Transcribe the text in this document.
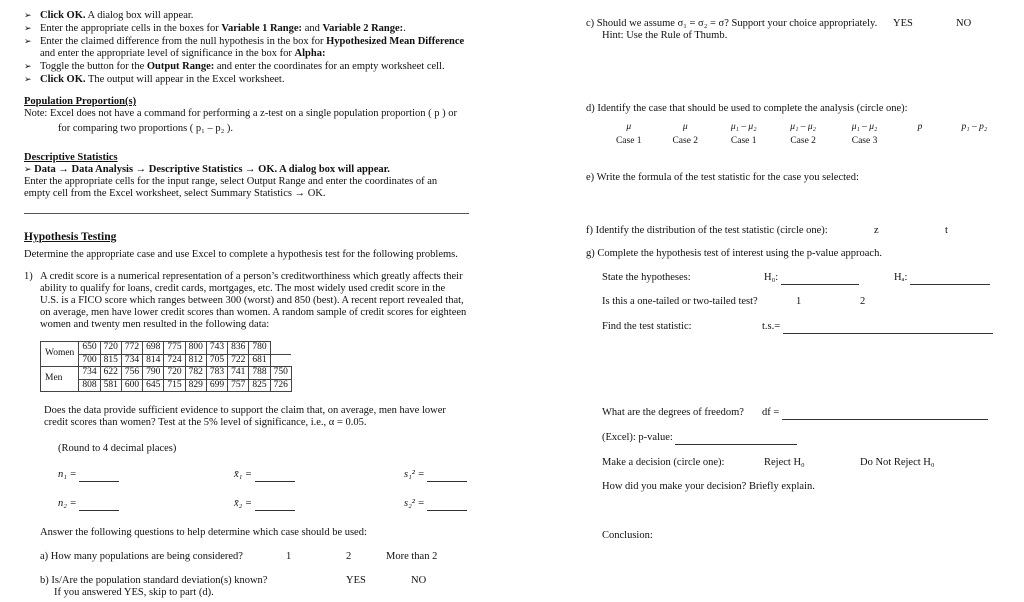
➢ Click OK. A dialog box will appear.
➢ Enter the appropriate cells in the boxes for Variable 1 Range: and Variable 2 Range:.
➢ Enter the claimed difference from the null hypothesis in the box for Hypothesized Mean Difference and enter the appropriate level of significance in the box for Alpha:
➢ Toggle the button for the Output Range: and enter the coordinates for an empty worksheet cell.
➢ Click OK. The output will appear in the Excel worksheet.
Population Proportion(s)
Note: Excel does not have a command for performing a z-test on a single population proportion ( p ) or
for comparing two proportions ( p₁ – p₂ ).
Descriptive Statistics
➢ Data → Data Analysis → Descriptive Statistics → OK. A dialog box will appear.
Enter the appropriate cells for the input range, select Output Range and enter the coordinates of an
empty cell from the Excel worksheet, select Summary Statistics → OK.
Hypothesis Testing
Determine the appropriate case and use Excel to complete a hypothesis test for the following problems.
1) A credit score is a numerical representation of a person’s creditworthiness which greatly affects their
ability to qualify for loans, credit cards, mortgages, etc. The most widely used credit score in the
U.S. is a FICO score which ranges between 300 (worst) and 850 (best). A recent report revealed that,
on average, men have lower credit scores than women. A random sample of credit scores for eighteen
women and twenty men resulted in the following data:
Women	650	720	772	698	775	800	743	836	780	
	700	815	734	814	724	812	705	722	681	
Men	734	622	756	790	720	782	783	741	788	750
	808	581	600	645	715	829	699	757	825	726
Does the data provide sufficient evidence to support the claim that, on average, men have lower
credit scores than women? Test at the 5% level of significance, i.e., α = 0.05.
(Round to 4 decimal places)
n₁ =	x̄₁ =	s₁² =
n₂ =	x̄₂ =	s₂² =
Answer the following questions to help determine which case should be used:
a) How many populations are being considered?	1	2	More than 2
b) Is/Are the population standard deviation(s) known?	YES	NO
If you answered YES, skip to part (d).
c) Should we assume σ₁ = σ₂ = σ? Support your choice appropriately. YES	NO
Hint: Use the Rule of Thumb.
d) Identify the case that should be used to complete the analysis (circle one):
μ	μ	μ₁ – μ₂	μ₁ – μ₂	μ₁ – μ₂	p	p₁ – p₂
Case 1	Case 2	Case 1	Case 2	Case 3		
e) Write the formula of the test statistic for the case you selected:
f) Identify the distribution of the test statistic (circle one):	z	t
g) Complete the hypothesis test of interest using the p-value approach.
State the hypotheses:	H₀:	Hₐ:
Is this a one-tailed or two-tailed test?	1	2
Find the test statistic:	t.s.=
What are the degrees of freedom? df =
(Excel): p-value:
Make a decision (circle one):	Reject H₀	Do Not Reject H₀
How did you make your decision? Briefly explain.
Conclusion:
